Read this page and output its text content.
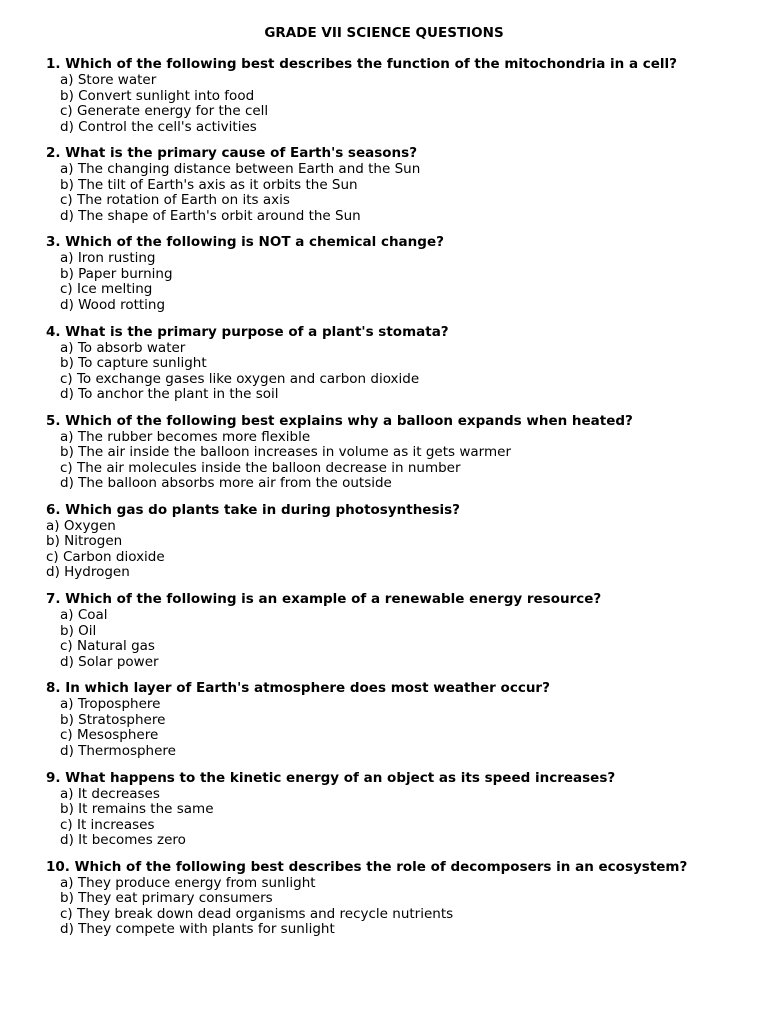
GRADE VII SCIENCE QUESTIONS
1. Which of the following best describes the function of the mitochondria in a cell?
a) Store water
b) Convert sunlight into food
c) Generate energy for the cell
d) Control the cell's activities
2. What is the primary cause of Earth's seasons?
a) The changing distance between Earth and the Sun
b) The tilt of Earth's axis as it orbits the Sun
c) The rotation of Earth on its axis
d) The shape of Earth's orbit around the Sun
3. Which of the following is NOT a chemical change?
a) Iron rusting
b) Paper burning
c) Ice melting
d) Wood rotting
4. What is the primary purpose of a plant's stomata?
a) To absorb water
b) To capture sunlight
c) To exchange gases like oxygen and carbon dioxide
d) To anchor the plant in the soil
5. Which of the following best explains why a balloon expands when heated?
a) The rubber becomes more flexible
b) The air inside the balloon increases in volume as it gets warmer
c) The air molecules inside the balloon decrease in number
d) The balloon absorbs more air from the outside
6. Which gas do plants take in during photosynthesis?
a) Oxygen
b) Nitrogen
c) Carbon dioxide
d) Hydrogen
7. Which of the following is an example of a renewable energy resource?
a) Coal
b) Oil
c) Natural gas
d) Solar power
8. In which layer of Earth's atmosphere does most weather occur?
a) Troposphere
b) Stratosphere
c) Mesosphere
d) Thermosphere
9. What happens to the kinetic energy of an object as its speed increases?
a) It decreases
b) It remains the same
c) It increases
d) It becomes zero
10. Which of the following best describes the role of decomposers in an ecosystem?
a) They produce energy from sunlight
b) They eat primary consumers
c) They break down dead organisms and recycle nutrients
d) They compete with plants for sunlight
